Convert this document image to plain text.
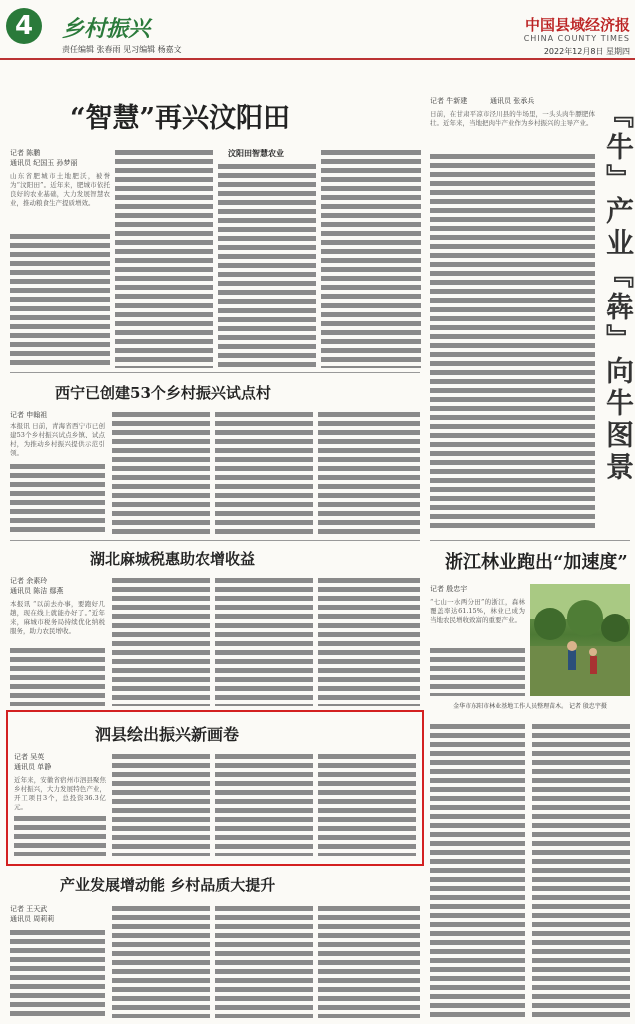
4	乡村振兴
责任编辑 张春雨 见习编辑 杨嘉文
中国县域经济报
CHINA COUNTY TIMES
2022年12月8日 星期四
“智慧”再兴汶阳田
记者 陈鹏
通讯员 纪国玉 孙梦丽
山东省肥城市土地肥沃，被誉为“汶阳田”。近年来，肥城市依托良好的农业基础，大力发展智慧农业，推动粮食生产提质增效。
汶阳田智慧农业
西宁已创建53个乡村振兴试点村
记者 申翰祖
本报讯 日前，青海省西宁市已创建53个乡村振兴试点乡镇、试点村，为推动乡村振兴提供示范引领。
湖北麻城税惠助农增收益
记者 余素玲
通讯员 陈洁 鄢燕
本报讯 “以前去办事，要跑好几趟，现在线上就能办好了。”近年来，麻城市税务局持续优化纳税服务，助力农民增收。
泗县绘出振兴新画卷
记者 吴英
通讯员 单静
近年来，安徽省宿州市泗县聚焦乡村振兴，大力发展特色产业，开工项目3个，总投资36.3亿元。
产业发展增动能 乡村品质大提升
记者 王天武
通讯员 周莉莉
记者 牛新建	通讯员 张承兵
日前，在甘肃平凉市泾川县的牛场里，一头头肉牛膘肥体壮。近年来，当地把肉牛产业作为乡村振兴的主导产业。 『牛』产业『犇』向牛图景
浙江林业跑出“加速度”
记者 殷忠宇
“七山一水两分田”的浙江，森林覆盖率达61.15%，林业已成为当地农民增收致富的重要产业。
金华市东阳市林业基地工作人员整理苗木。 记者 殷忠宇摄
